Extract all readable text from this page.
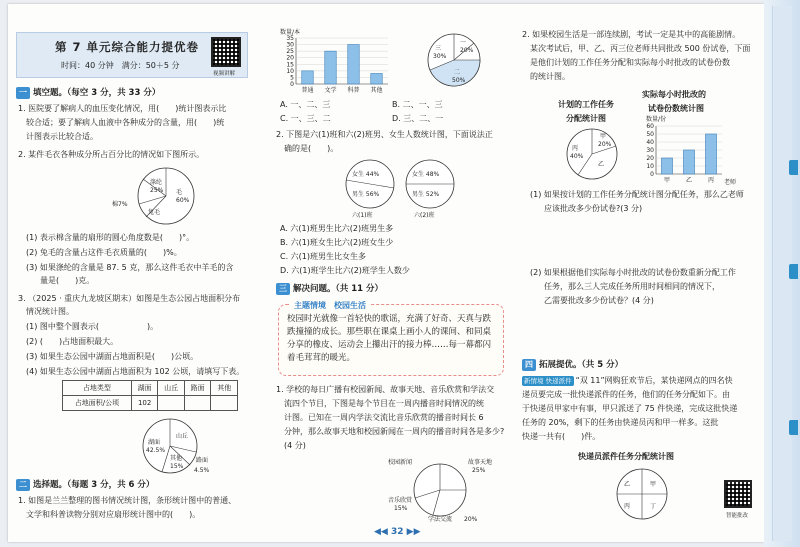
第 7 单元综合能力提优卷
时间：40 分钟　满分：50＋5 分
视频讲解
一 填空题。（每空 3 分，共 33 分）
1. 医院要了解病人的血压变化情况，用(　　)统计图表示比
较合适；要了解病人血液中各种成分的含量，用(　　)统
计图表示比较合适。
2. 某件毛衣各种成分所占百分比的情况如下图所示。
涤纶
25% 毛
60%
兔毛
棉7%
(1) 表示棉含量的扇形的圆心角度数是(　　)°。
(2) 兔毛的含量占这件毛衣质量的(　　)%。
(3) 如果涤纶的含量是 87. 5 克，那么这件毛衣中羊毛的含
量是(　　)克。
3. （2025 · 重庆九龙坡区期末）如图是生态公园占地面积分布
情况统计图。
(1) 图中整个圆表示(　　　　　　)。
(2) (　　)占地面积最大。
(3) 如果生态公园中湖面占地面积是(　　)公顷。
(4) 如果生态公园中湖面占地面积为 102 公顷，请填写下表。
占地类型	湖面	山丘	路面	其他
占地面积/公顷	102			
湖面
42.5%
山丘
其他
15%
路面
4.5%
二 选择题。（每题 3 分，共 6 分）
1. 如图是兰兰整理的图书情况统计图，条形统计图中的普通、
文学和科普读物分别对应扇形统计图中的(　　)。
数量/本
35
30
25
20
15
10
5
0
普通 文学 科普 其他
三
30%
一
20%
二
50%
A. 一、二、三	B. 二、一、三
C. 一、三、二	D. 三、二、一
2. 下图是六(1)班和六(2)班男、女生人数统计图，下面说法正
确的是(　　)。
女生 44%
男生 56%
六(1)班
女生 48%
男生 52%
六(2)班
A. 六(1)班男生比六(2)班男生多
B. 六(1)班女生比六(2)班女生少
C. 六(1)班男生比女生多
D. 六(1)班学生比六(2)班学生人数少
三 解决问题。（共 11 分）
主题情境　校园生活
校园时光就像一首轻快的歌谣，充满了好奇、天真与跌跌撞撞的成长。那些职在课桌上画小人的课间、和同桌分享的橡皮、运动会上攥出汗的接力棒……每一幕都闪着毛茸茸的暖光。
1. 学校的每日广播有校园新闻、故事天地、音乐欣赏和学法交
流四个节目，下图是每个节目在一周内播音时间情况的统
计图。已知在一周内学法交流比音乐欣赏的播音时间长 6
分钟，那么故事天地和校园新闻在一周内的播音时间各是多少?
(4 分)
校园新闻	故事天地
25%
音乐欣赏
15%
学法交流 20%
2. 如果校园生活是一部连续剧，考试一定是其中的高能剧情。
某次考试后，甲、乙、丙三位老师共同批改 500 份试卷，下面
是他们计划的工作任务分配和实际每小时批改的试卷份数
的统计图。
计划的工作任务
分配统计图
甲
20%
丙
40%
乙
实际每小时批改的
试卷份数统计图
数量/份
老师
60
50
40
30
20
10
0
甲	乙	丙
(1) 如果按计划的工作任务分配统计图分配任务，那么乙老师
应该批改多少份试卷?(3 分)
(2) 如果根据他们实际每小时批改的试卷份数重新分配工作
任务，那么三人完成任务所用时间相同的情况下，
乙需要批改多少份试卷？(4 分)
四 拓展提优。（共 5 分）
新情境 快递派件 “双 11”网购狂欢节后，某快递网点的四名快
递员要完成一批快递派件的任务，他们的任务分配如下。由
于快递员甲家中有事，甲只派送了 75 件快递，完成这批快递
任务的 20%，剩下的任务由快递员丙和甲一样多。这批
快递一共有(　　)件。
快递员派件任务分配统计图
乙
丙	丁
甲
智能批改
◀◀ 32 ▶▶
